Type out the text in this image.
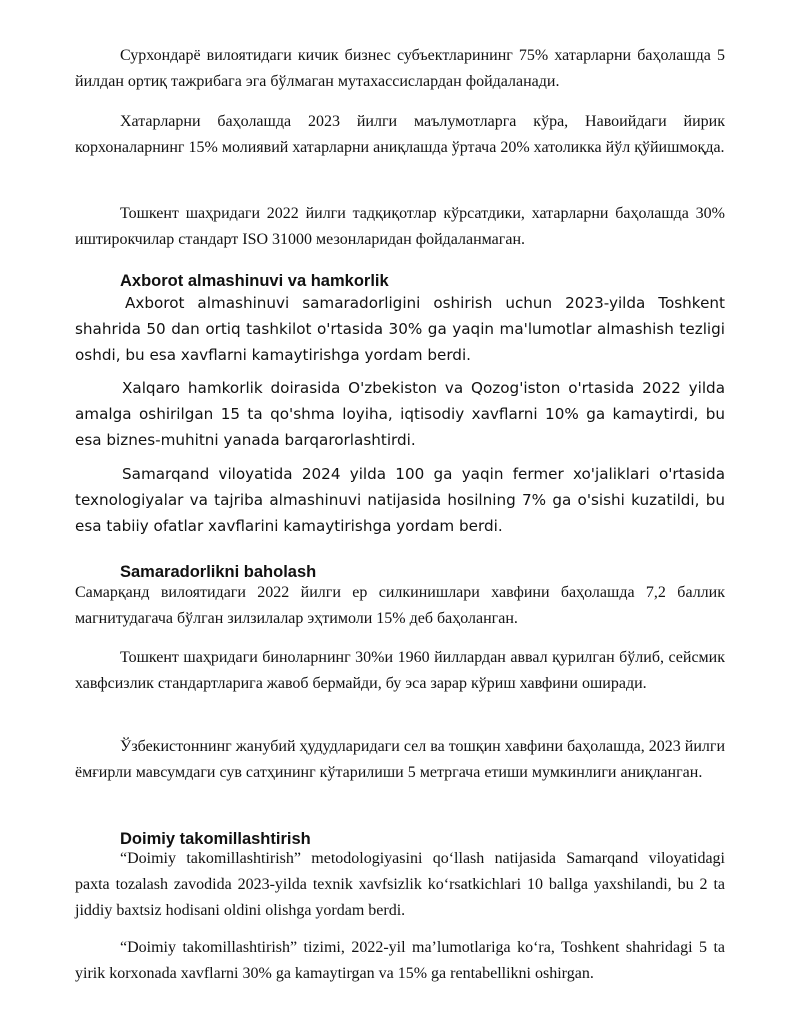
Сурхондарё вилоятидаги кичик бизнес субъектларининг 75% хатарларни баҳолашда 5 йилдан ортиқ тажрибага эга бўлмаган мутахассислардан фойдаланади.

Хатарларни баҳолашда 2023 йилги маълумотларга кўра, Навоийдаги йирик корхоналарнинг 15% молиявий хатарларни аниқлашда ўртача 20% хатоликка йўл қўйишмоқда.

Тошкент шаҳридаги 2022 йилги тадқиқотлар кўрсатдики, хатарларни баҳолашда 30% иштирокчилар стандарт ISO 31000 мезонларидан фойдаланмаган.

Axborot almashinuvi va hamkorlik

Axborot almashinuvi samaradorligini oshirish uchun 2023-yilda Toshkent shahrida 50 dan ortiq tashkilot o'rtasida 30% ga yaqin ma'lumotlar almashish tezligi oshdi, bu esa xavflarni kamaytirishga yordam berdi.

Xalqaro hamkorlik doirasida O'zbekiston va Qozog'iston o'rtasida 2022 yilda amalga oshirilgan 15 ta qo'shma loyiha, iqtisodiy xavflarni 10% ga kamaytirdi, bu esa biznes-muhitni yanada barqarorlashtirdi.

Samarqand viloyatida 2024 yilda 100 ga yaqin fermer xo'jaliklari o'rtasida texnologiyalar va tajriba almashinuvi natijasida hosilning 7% ga o'sishi kuzatildi, bu esa tabiiy ofatlar xavflarini kamaytirishga yordam berdi.

Samaradorlikni baholash

Самарқанд вилоятидаги 2022 йилги ер силкинишлари хавфини баҳолашда 7,2 баллик магнитудагача бўлган зилзилалар эҳтимоли 15% деб баҳоланган.

Тошкент шаҳридаги биноларнинг 30%и 1960 йиллардан аввал қурилган бўлиб, сейсмик хавфсизлик стандартларига жавоб бермайди, бу эса зарар кўриш хавфини оширади.

Ўзбекистоннинг жанубий ҳудудларидаги сел ва тошқин хавфини баҳолашда, 2023 йилги ёмғирли мавсумдаги сув сатҳининг кўтарилиши 5 метргача етиши мумкинлиги аниқланган.

Doimiy takomillashtirish

“Doimiy takomillashtirish” metodologiyasini qo‘llash natijasida Samarqand viloyatidagi paxta tozalash zavodida 2023-yilda texnik xavfsizlik ko‘rsatkichlari 10 ballga yaxshilandi, bu 2 ta jiddiy baxtsiz hodisani oldini olishga yordam berdi.

“Doimiy takomillashtirish” tizimi, 2022-yil ma’lumotlariga ko‘ra, Toshkent shahridagi 5 ta yirik korxonada xavflarni 30% ga kamaytirgan va 15% ga rentabellikni oshirgan.
